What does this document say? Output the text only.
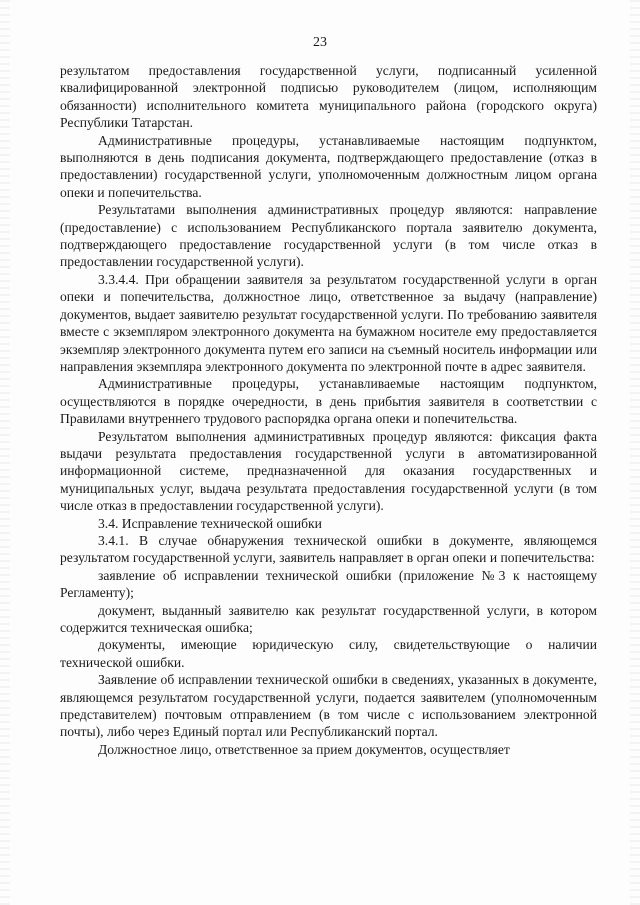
23

результатом предоставления государственной услуги, подписанный усиленной квалифицированной электронной подписью руководителем (лицом, исполняющим обязанности) исполнительного комитета муниципального района (городского округа) Республики Татарстан.

Административные процедуры, устанавливаемые настоящим подпунктом, выполняются в день подписания документа, подтверждающего предоставление (отказ в предоставлении) государственной услуги, уполномоченным должностным лицом органа опеки и попечительства.

Результатами выполнения административных процедур являются: направление (предоставление) с использованием Республиканского портала заявителю документа, подтверждающего предоставление государственной услуги (в том числе отказ в предоставлении государственной услуги).

3.3.4.4. При обращении заявителя за результатом государственной услуги в орган опеки и попечительства, должностное лицо, ответственное за выдачу (направление) документов, выдает заявителю результат государственной услуги. По требованию заявителя вместе с экземпляром электронного документа на бумажном носителе ему предоставляется экземпляр электронного документа путем его записи на съемный носитель информации или направления экземпляра электронного документа по электронной почте в адрес заявителя.

Административные процедуры, устанавливаемые настоящим подпунктом, осуществляются в порядке очередности, в день прибытия заявителя в соответствии с Правилами внутреннего трудового распорядка органа опеки и попечительства.

Результатом выполнения административных процедур являются: фиксация факта выдачи результата предоставления государственной услуги в автоматизированной информационной системе, предназначенной для оказания государственных и муниципальных услуг, выдача результата предоставления государственной услуги (в том числе отказ в предоставлении государственной услуги).

3.4. Исправление технической ошибки

3.4.1. В случае обнаружения технической ошибки в документе, являющемся результатом государственной услуги, заявитель направляет в орган опеки и попечительства:

заявление об исправлении технической ошибки (приложение №3 к настоящему Регламенту);

документ, выданный заявителю как результат государственной услуги, в котором содержится техническая ошибка;

документы, имеющие юридическую силу, свидетельствующие о наличии технической ошибки.

Заявление об исправлении технической ошибки в сведениях, указанных в документе, являющемся результатом государственной услуги, подается заявителем (уполномоченным представителем) почтовым отправлением (в том числе с использованием электронной почты), либо через Единый портал или Республиканский портал.

Должностное лицо, ответственное за прием документов, осуществляет
